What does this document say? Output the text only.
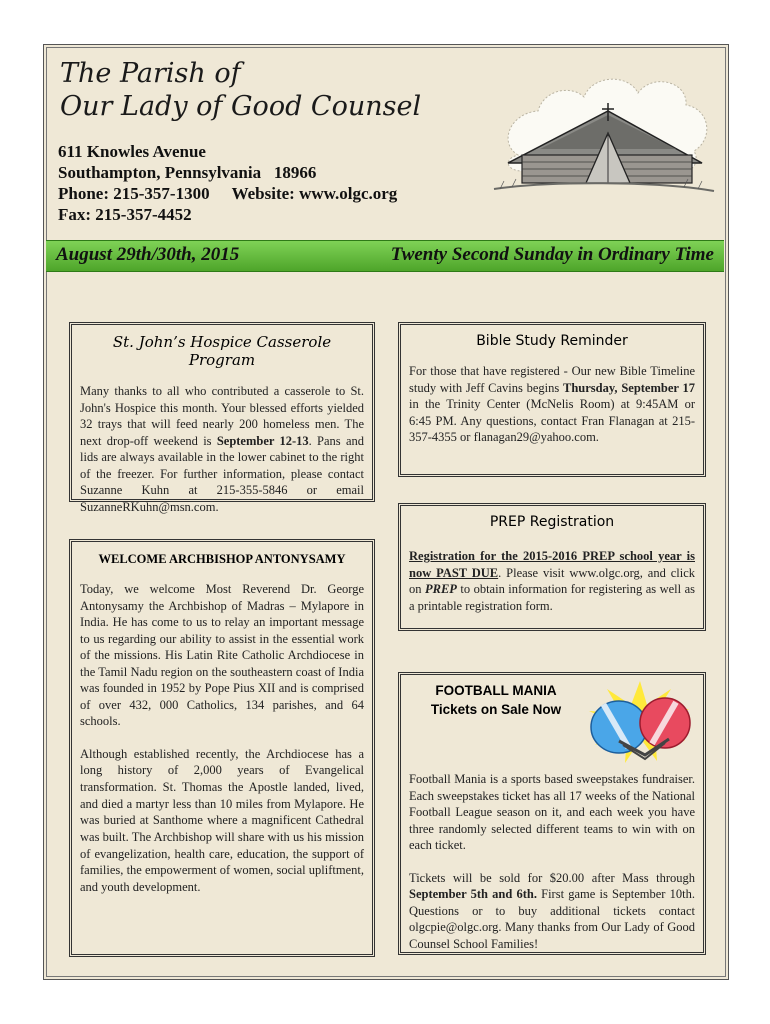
The Parish of
Our Lady of Good Counsel
611 Knowles Avenue
Southampton, Pennsylvania   18966
Phone: 215-357-1300 Website: www.olgc.org
Fax: 215-357-4452
August 29th/30th, 2015	Twenty Second Sunday in Ordinary Time

St. John’s Hospice Casserole Program

Many thanks to all who contributed a casserole to St. John's Hospice this month. Your blessed efforts yielded 32 trays that will feed nearly 200 homeless men. The next drop-off weekend is September 12-13. Pans and lids are always available in the lower cabinet to the right of the freezer. For further information, please contact Suzanne Kuhn at 215-355-5846 or email SuzanneRKuhn@msn.com.

WELCOME ARCHBISHOP ANTONYSAMY

Today, we welcome Most Reverend Dr. George Antonysamy the Archbishop of Madras – Mylapore in India. He has come to us to relay an important message to us regarding our ability to assist in the essential work of the missions. His Latin Rite Catholic Archdiocese in the Tamil Nadu region on the southeastern coast of India was founded in 1952 by Pope Pius XII and is comprised of over 432, 000 Catholics, 134 parishes, and 64 schools.

Although established recently, the Archdiocese has a long history of 2,000 years of Evangelical transformation. St. Thomas the Apostle landed, lived, and died a martyr less than 10 miles from Mylapore. He was buried at Santhome where a magnificent Cathedral was built. The Archbishop will share with us his mission of evangelization, health care, education, the support of families, the empowerment of women, social upliftment, and youth development.

Bible Study Reminder

For those that have registered - Our new Bible Timeline study with Jeff Cavins begins Thursday, September 17 in the Trinity Center (McNelis Room) at 9:45AM or 6:45 PM. Any questions, contact Fran Flanagan at 215-357-4355 or flanagan29@yahoo.com.

PREP Registration

Registration for the 2015-2016 PREP school year is now PAST DUE. Please visit www.olgc.org, and click on PREP to obtain information for registering as well as a printable registration form.

FOOTBALL MANIA
Tickets on Sale Now

Football Mania is a sports based sweepstakes fundraiser. Each sweepstakes ticket has all 17 weeks of the National Football League season on it, and each week you have three randomly selected different teams to win with on each ticket.

Tickets will be sold for $20.00 after Mass through September 5th and 6th. First game is September 10th. Questions or to buy additional tickets contact olgcpie@olgc.org. Many thanks from Our Lady of Good Counsel School Families!
